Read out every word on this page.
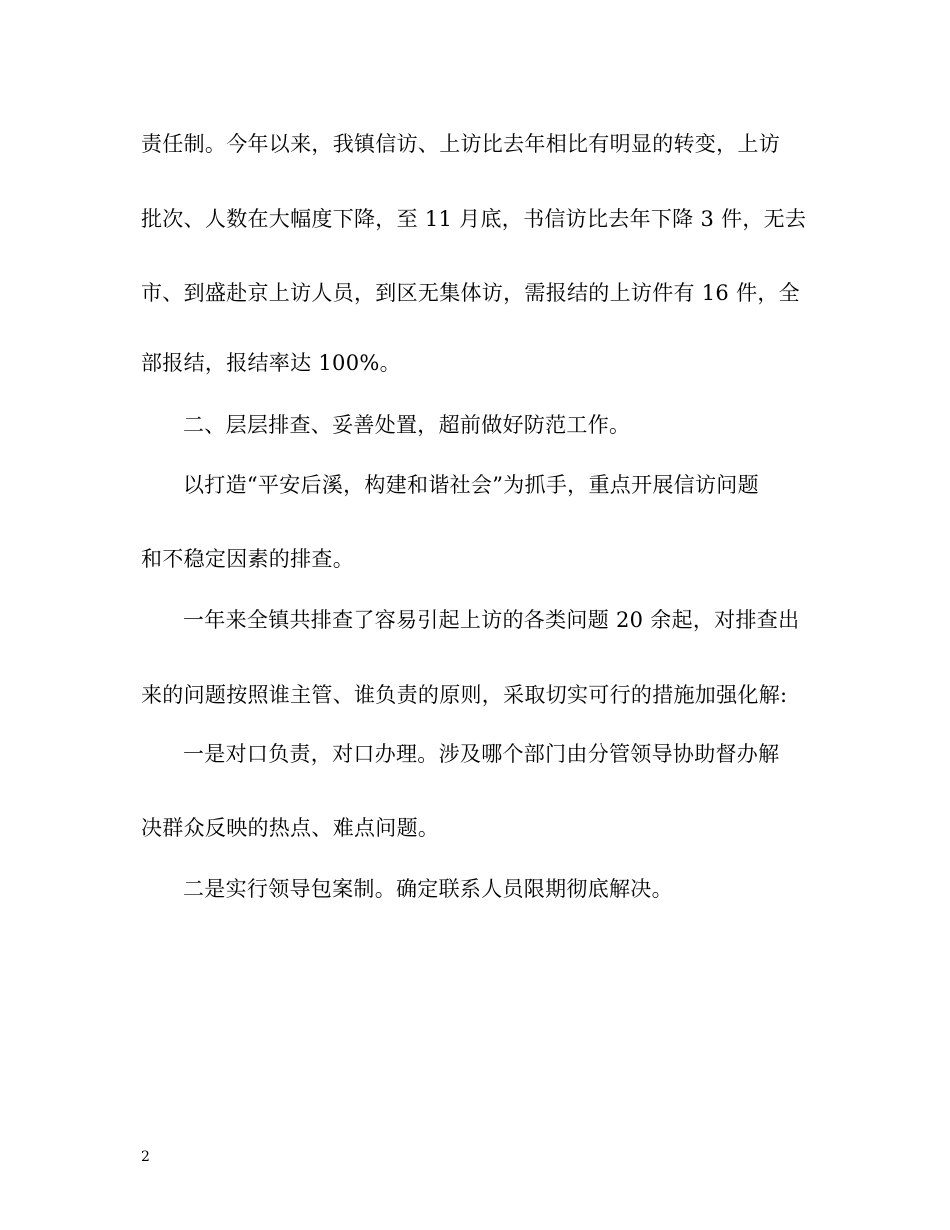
责任制。今年以来，我镇信访、上访比去年相比有明显的转变，上访
批次、人数在大幅度下降，至 11 月底，书信访比去年下降 3 件，无去
市、到盛赴京上访人员，到区无集体访，需报结的上访件有 16 件，全
部报结，报结率达 100%。
二、层层排查、妥善处置，超前做好防范工作。
以打造“平安后溪，构建和谐社会”为抓手，重点开展信访问题
和不稳定因素的排查。
一年来全镇共排查了容易引起上访的各类问题 20 余起，对排查出
来的问题按照谁主管、谁负责的原则，采取切实可行的措施加强化解:
一是对口负责，对口办理。涉及哪个部门由分管领导协助督办解
决群众反映的热点、难点问题。
二是实行领导包案制。确定联系人员限期彻底解决。
2
